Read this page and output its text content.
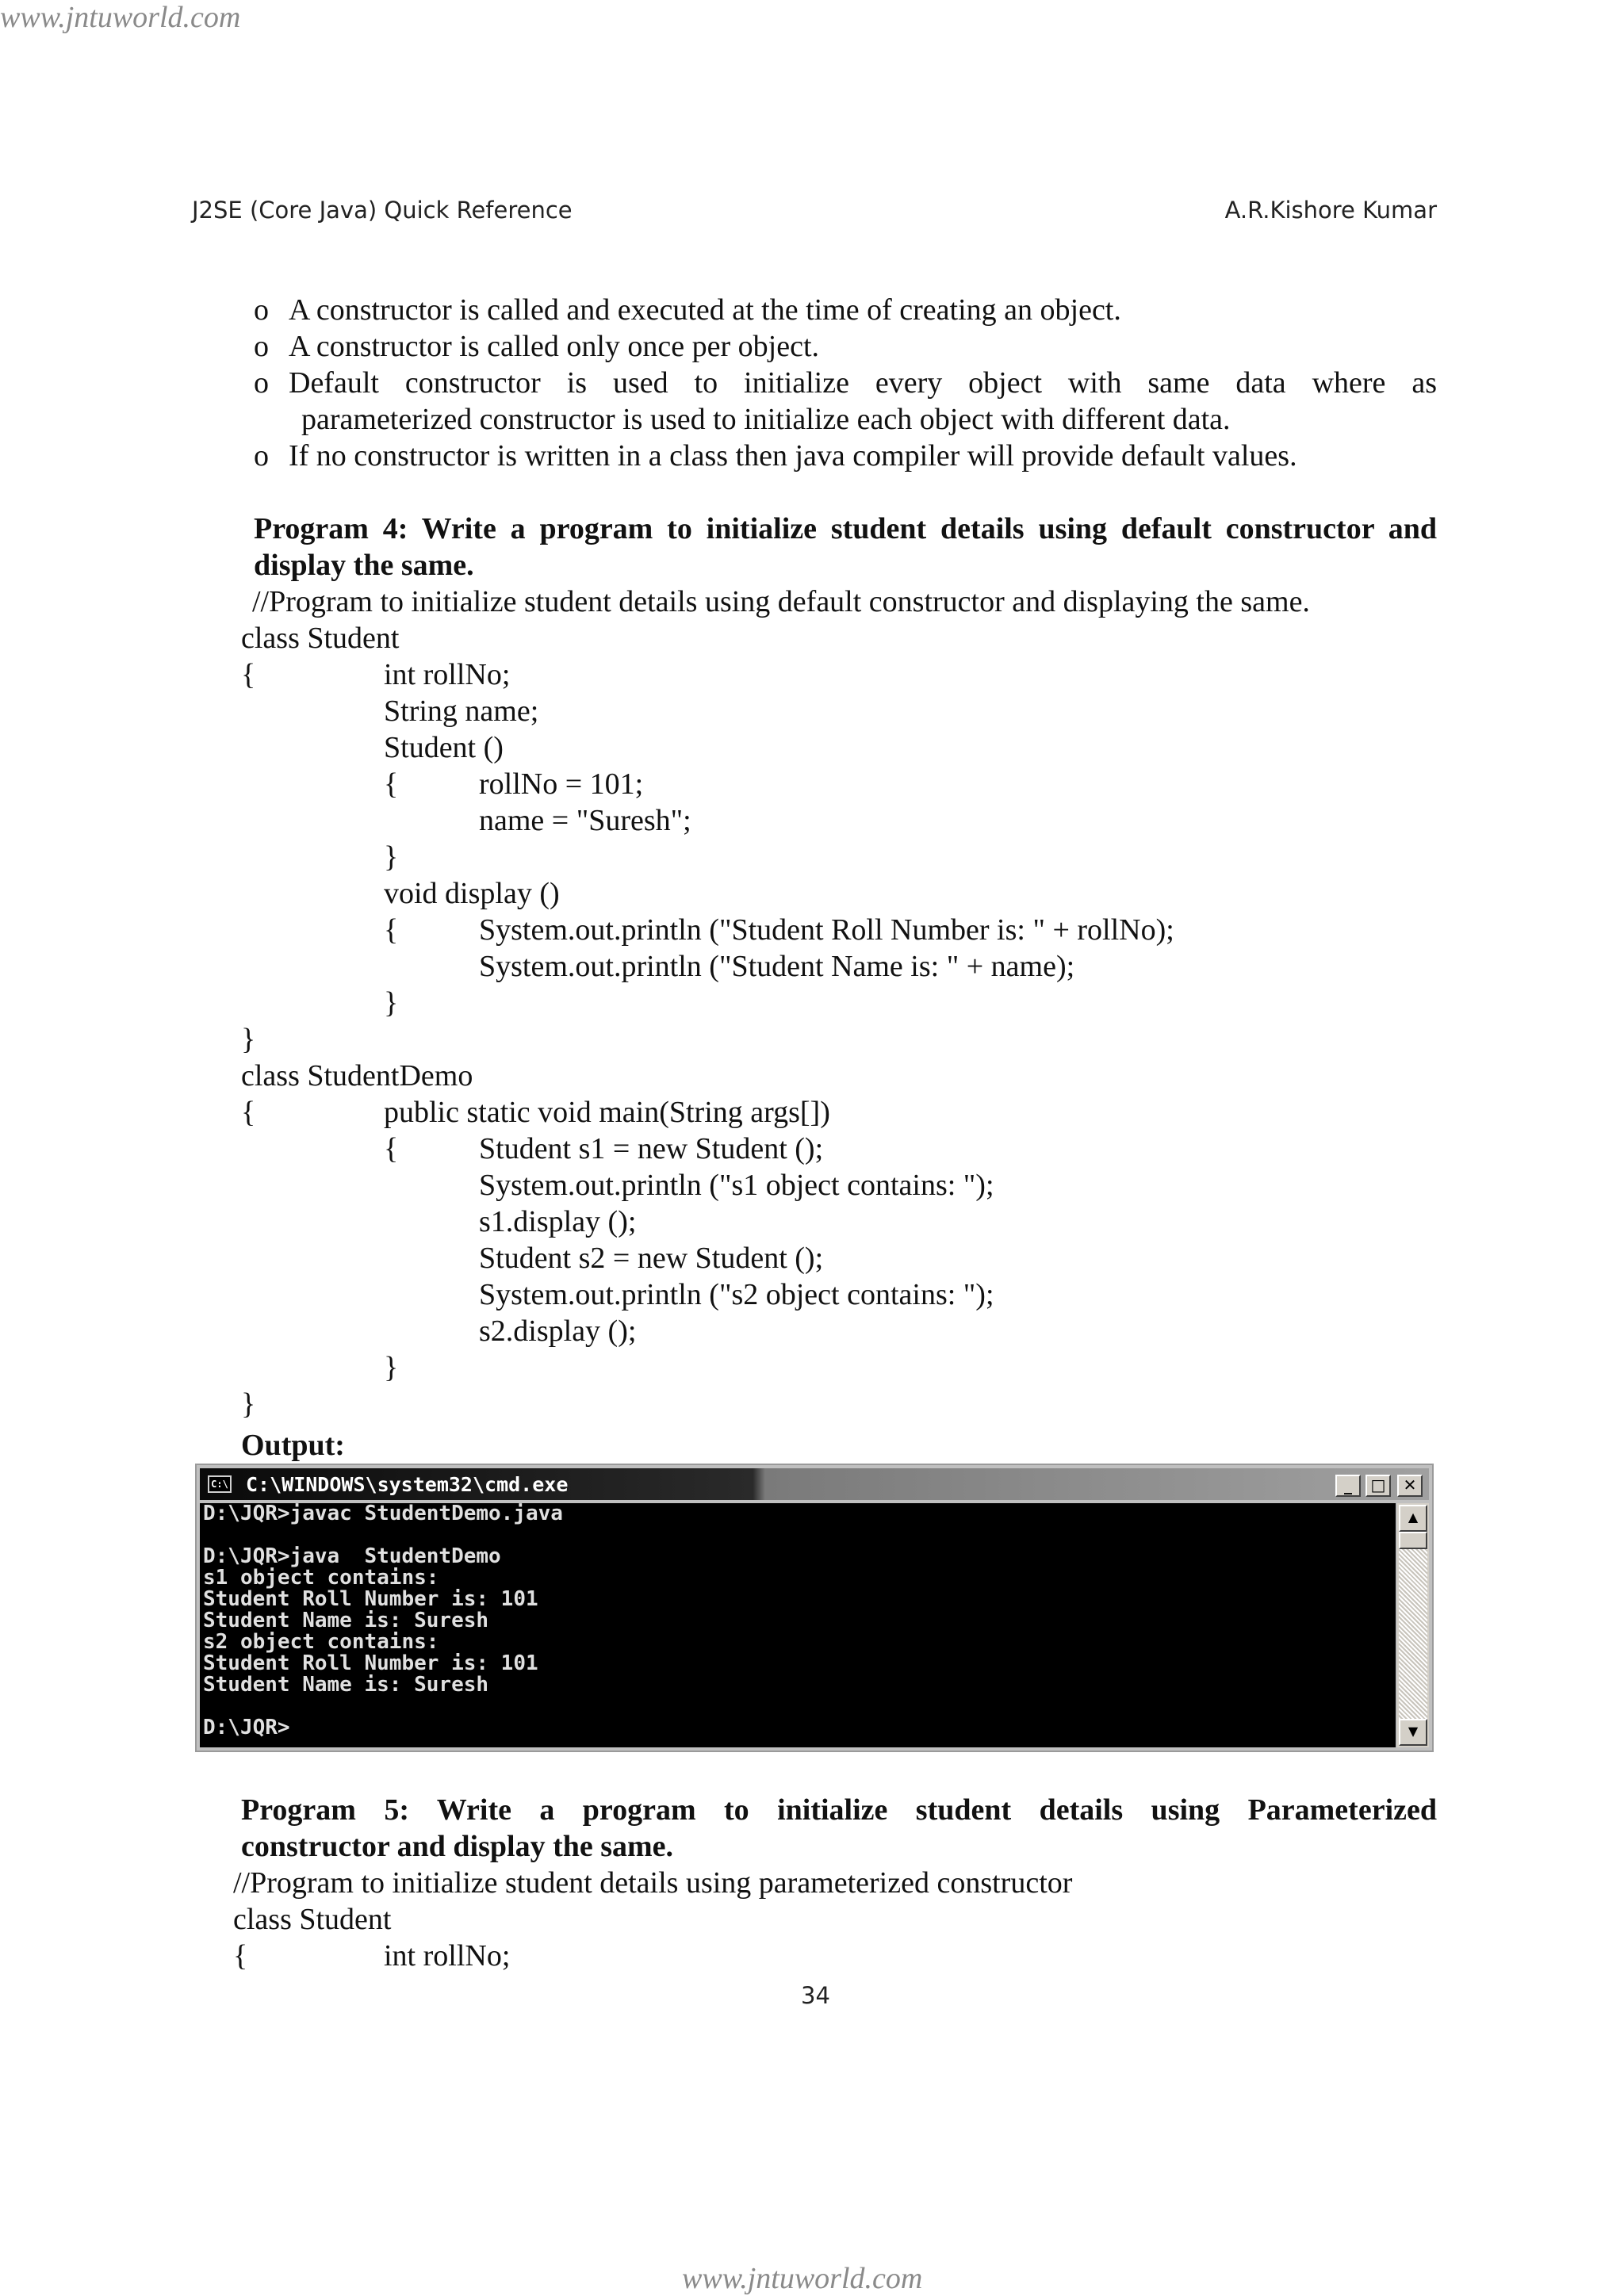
www.jntuworld.com
www.jntuworld.com
J2SE (Core Java) Quick Reference	A.R.Kishore Kumar
o A constructor is called and executed at the time of creating an object.
o A constructor is called only once per object.
o Default constructor is used to initialize every object with same data where as
parameterized constructor is used to initialize each object with different data.
o If no constructor is written in a class then java compiler will provide default values.
Program 4: Write a program to initialize student details using default constructor and
display the same.
//Program to initialize student details using default constructor and displaying the same.
class Student
{	int rollNo;
String name;
Student ()
{	rollNo = 101;
name = "Suresh";
}
void display ()
{	System.out.println ("Student Roll Number is: " + rollNo);
System.out.println ("Student Name is: " + name);
}
}
class StudentDemo
{	public static void main(String args[])
{	Student s1 = new Student ();
System.out.println ("s1 object contains: ");
s1.display ();
Student s2 = new Student ();
System.out.println ("s2 object contains: ");
s2.display ();
}
}
Output:
C:\ C:\WINDOWS\system32\cmd.exe	_	□	✕
D:\JQR>javac StudentDemo.java

D:\JQR>java  StudentDemo
s1 object contains:
Student Roll Number is: 101
Student Name is: Suresh
s2 object contains:
Student Roll Number is: 101
Student Name is: Suresh

D:\JQR>
▲
▼
Program 5: Write a program to initialize student details using Parameterized
constructor and display the same.
//Program to initialize student details using parameterized constructor
class Student
{	int rollNo;
34
